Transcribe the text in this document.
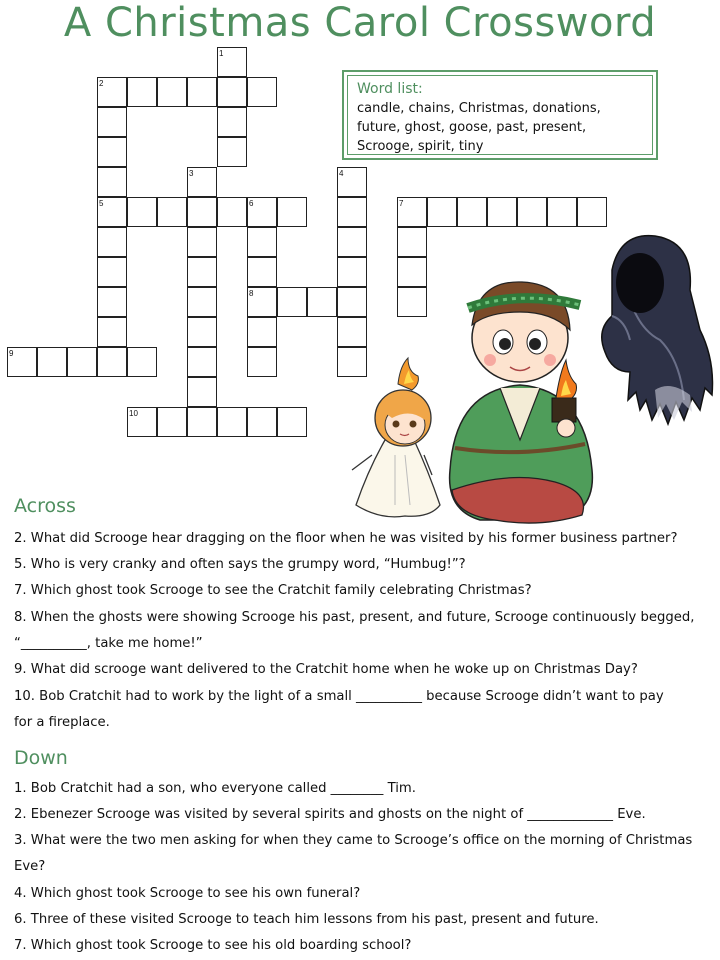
A Christmas Carol Crossword
1
2
3	4
5	6	7
8
9
10
Word list:
candle, chains, Christmas, donations,
future, ghost, goose, past, present,
Scrooge, spirit, tiny
Across
2. What did Scrooge hear dragging on the floor when he was visited by his former business partner?
5. Who is very cranky and often says the grumpy word, “Humbug!”?
7. Which ghost took Scrooge to see the Cratchit family celebrating Christmas?
8. When the ghosts were showing Scrooge his past, present, and future, Scrooge continuously begged,
“__________, take me home!”
9. What did scrooge want delivered to the Cratchit home when he woke up on Christmas Day?
10. Bob Cratchit had to work by the light of a small __________ because Scrooge didn’t want to pay
for a fireplace.
Down
1. Bob Cratchit had a son, who everyone called ________ Tim.
2. Ebenezer Scrooge was visited by several spirits and ghosts on the night of _____________ Eve.
3. What were the two men asking for when they came to Scrooge’s office on the morning of Christmas
Eve?
4. Which ghost took Scrooge to see his own funeral?
6. Three of these visited Scrooge to teach him lessons from his past, present and future.
7. Which ghost took Scrooge to see his old boarding school?
